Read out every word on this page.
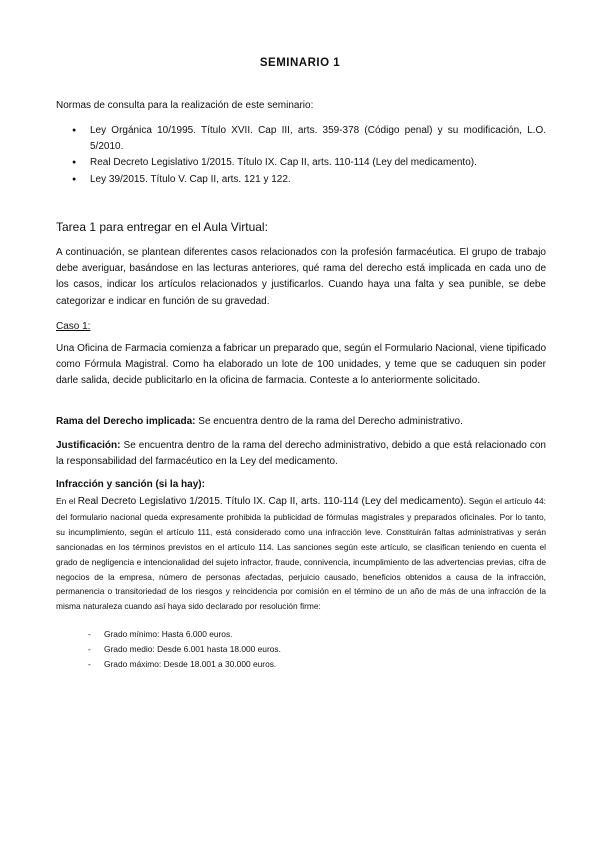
SEMINARIO 1

Normas de consulta para la realización de este seminario:

● Ley Orgánica 10/1995. Título XVII. Cap III, arts. 359-378 (Código penal) y su modificación, L.O. 5/2010.
● Real Decreto Legislativo 1/2015. Título IX. Cap II, arts. 110-114 (Ley del medicamento).
● Ley 39/2015. Título V. Cap II, arts. 121 y 122.
Tarea 1 para entregar en el Aula Virtual:

A continuación, se plantean diferentes casos relacionados con la profesión farmacéutica. El grupo de trabajo debe averiguar, basándose en las lecturas anteriores, qué rama del derecho está implicada en cada uno de los casos, indicar los artículos relacionados y justificarlos. Cuando haya una falta y sea punible, se debe categorizar e indicar en función de su gravedad.

Caso 1:

Una Oficina de Farmacia comienza a fabricar un preparado que, según el Formulario Nacional, viene tipificado como Fórmula Magistral. Como ha elaborado un lote de 100 unidades, y teme que se caduquen sin poder darle salida, decide publicitarlo en la oficina de farmacia. Conteste a lo anteriormente solicitado.

Rama del Derecho implicada: Se encuentra dentro de la rama del Derecho administrativo.

Justificación: Se encuentra dentro de la rama del derecho administrativo, debido a que está relacionado con la responsabilidad del farmacéutico en la Ley del medicamento.

Infracción y sanción (si la hay):

En el Real Decreto Legislativo 1/2015. Título IX. Cap II, arts. 110-114 (Ley del medicamento). Según el artículo 44: del formulario nacional queda expresamente prohibida la publicidad de fórmulas magistrales y preparados oficinales. Por lo tanto, su incumplimiento, según el artículo 111, está considerado como una infracción leve. Constituirán faltas administrativas y serán sancionadas en los términos previstos en el artículo 114. Las sanciones según este artículo, se clasifican teniendo en cuenta el grado de negligencia e intencionalidad del sujeto infractor, fraude, connivencia, incumplimiento de las advertencias previas, cifra de negocios de la empresa, número de personas afectadas, perjuicio causado, beneficios obtenidos a causa de la infracción, permanencia o transitoriedad de los riesgos y reincidencia por comisión en el término de un año de más de una infracción de la misma naturaleza cuando así haya sido declarado por resolución firme:

- Grado mínimo: Hasta 6.000 euros.
- Grado medio: Desde 6.001 hasta 18.000 euros.
- Grado máximo: Desde 18.001 a 30.000 euros.
